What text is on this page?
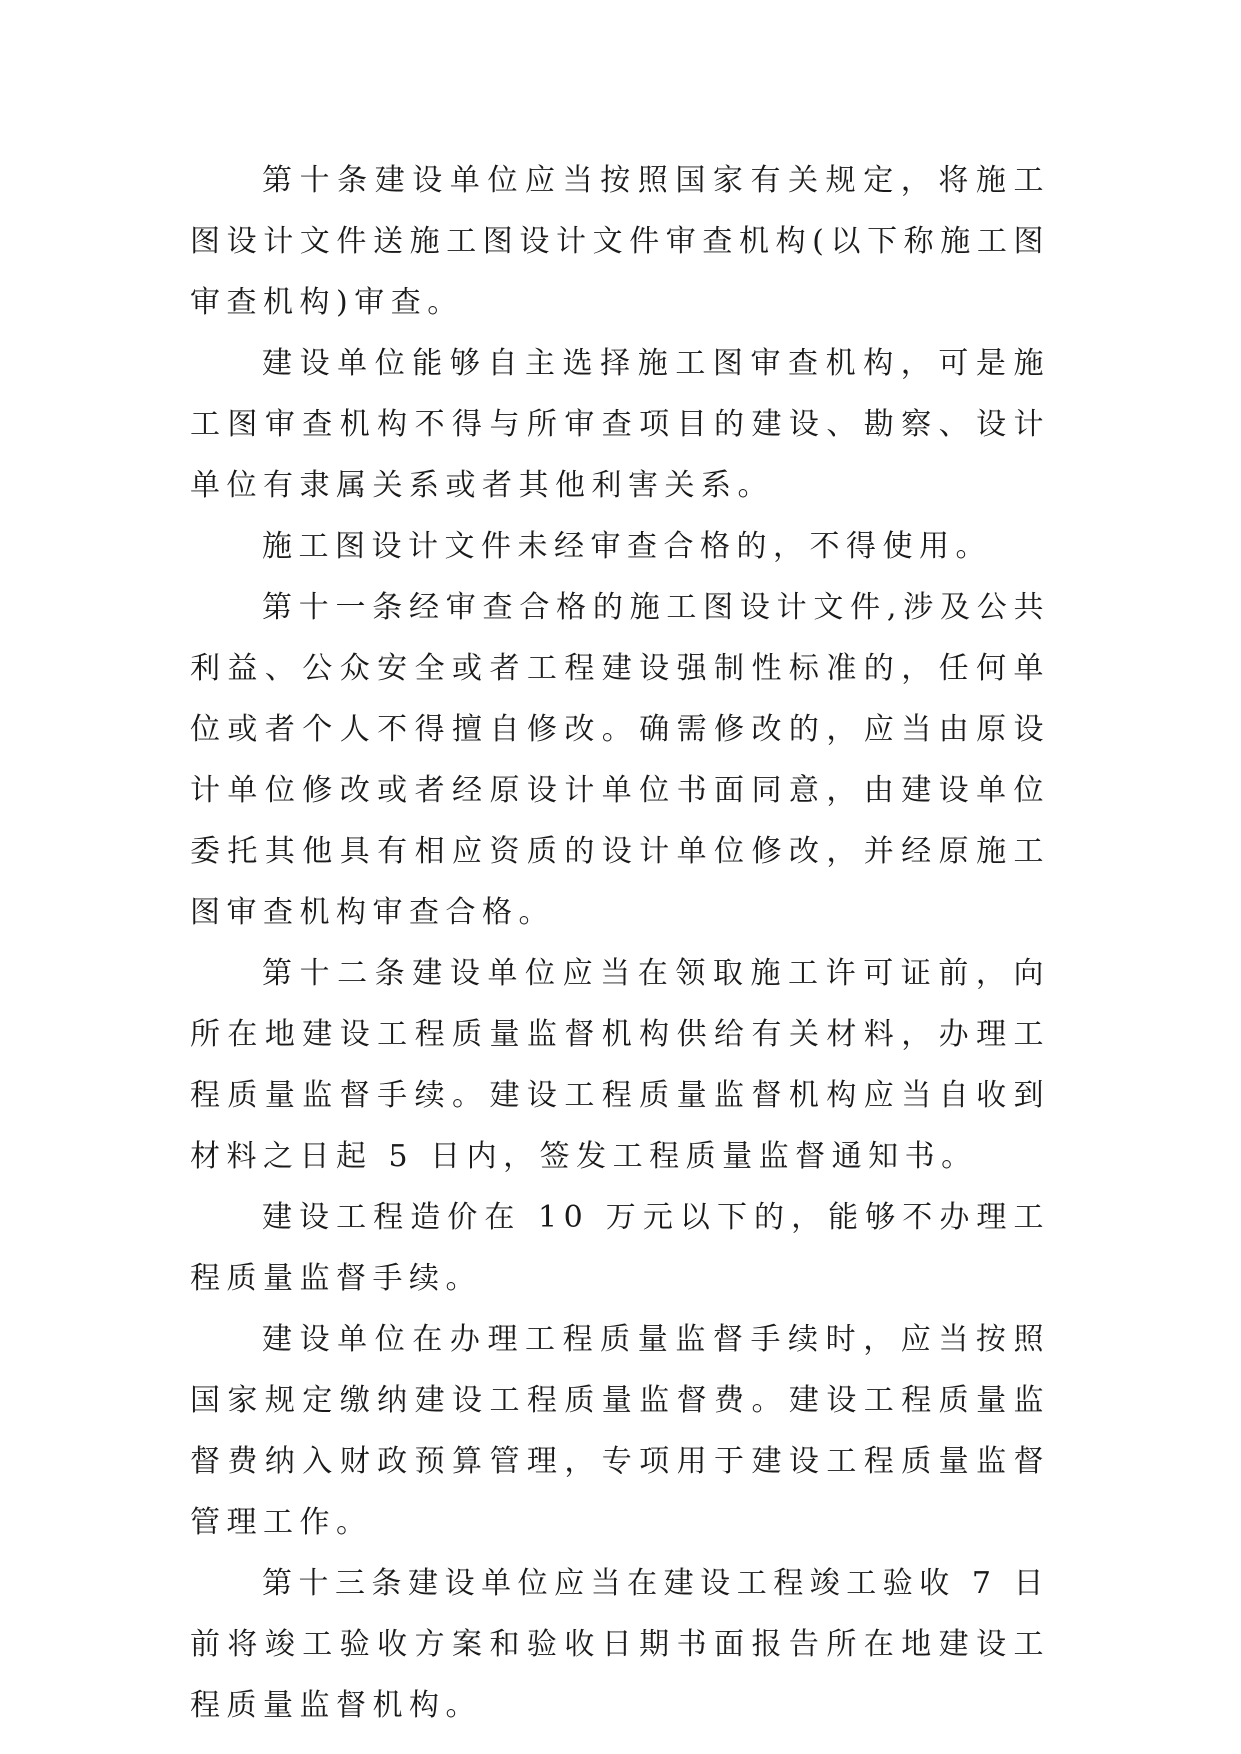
第十条建设单位应当按照国家有关规定，将施工图设计文件送施工图设计文件审查机构(以下称施工图审查机构)审查。

建设单位能够自主选择施工图审查机构，可是施工图审查机构不得与所审查项目的建设、勘察、设计单位有隶属关系或者其他利害关系。

施工图设计文件未经审查合格的，不得使用。

第十一条经审查合格的施工图设计文件,涉及公共利益、公众安全或者工程建设强制性标准的，任何单位或者个人不得擅自修改。确需修改的，应当由原设计单位修改或者经原设计单位书面同意，由建设单位委托其他具有相应资质的设计单位修改，并经原施工图审查机构审查合格。

第十二条建设单位应当在领取施工许可证前，向所在地建设工程质量监督机构供给有关材料，办理工程质量监督手续。建设工程质量监督机构应当自收到材料之日起 5 日内，签发工程质量监督通知书。

建设工程造价在 10 万元以下的，能够不办理工程质量监督手续。

建设单位在办理工程质量监督手续时，应当按照国家规定缴纳建设工程质量监督费。建设工程质量监督费纳入财政预算管理，专项用于建设工程质量监督管理工作。

第十三条建设单位应当在建设工程竣工验收 7 日前将竣工验收方案和验收日期书面报告所在地建设工程质量监督机构。
